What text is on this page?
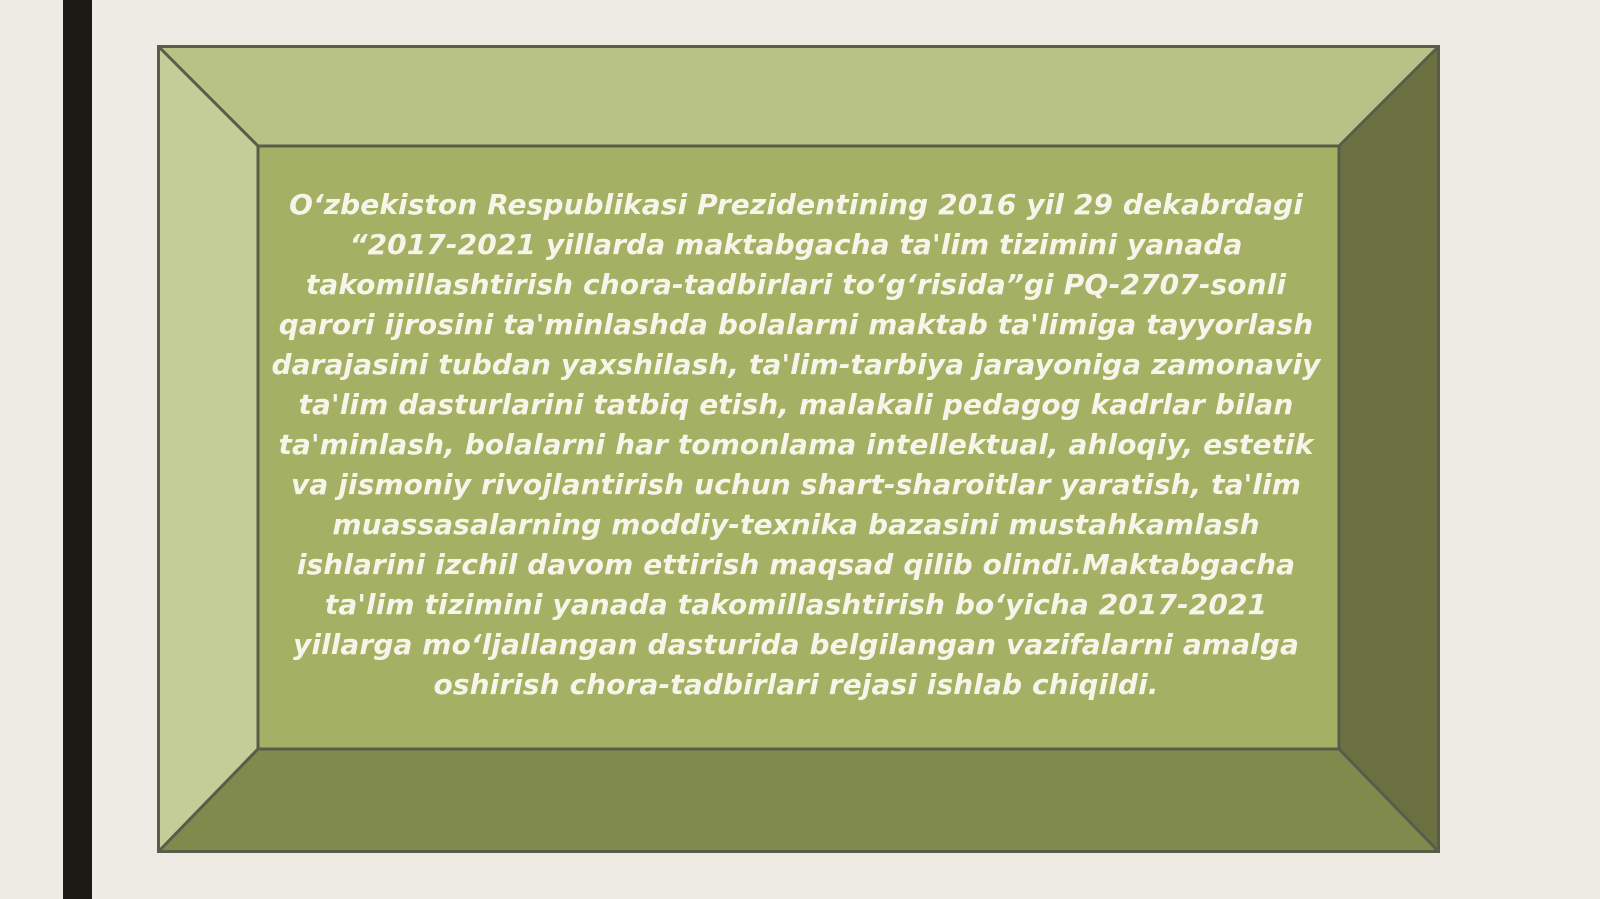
O‘zbekiston Respublikasi Prezidentining 2016 yil 29 dekabrdagi “2017-2021 yillarda maktabgacha ta'lim tizimini yanada takomillashtirish chora-tadbirlari to‘g‘risida”gi PQ-2707-sonli qarori ijrosini ta'minlashda bolalarni maktab ta'limiga tayyorlash darajasini tubdan yaxshilash, ta'lim-tarbiya jarayoniga zamonaviy ta'lim dasturlarini tatbiq etish, malakali pedagog kadrlar bilan ta'minlash, bolalarni har tomonlama intellektual, ahloqiy, estetik va jismoniy rivojlantirish uchun shart-sharoitlar yaratish, ta'lim muassasalarning moddiy-texnika bazasini mustahkamlash ishlarini izchil davom ettirish maqsad qilib olindi.Maktabgacha ta'lim tizimini yanada takomillashtirish bo‘yicha 2017-2021 yillarga mo‘ljallangan dasturida belgilangan vazifalarni amalga oshirish chora-tadbirlari rejasi ishlab chiqildi.
